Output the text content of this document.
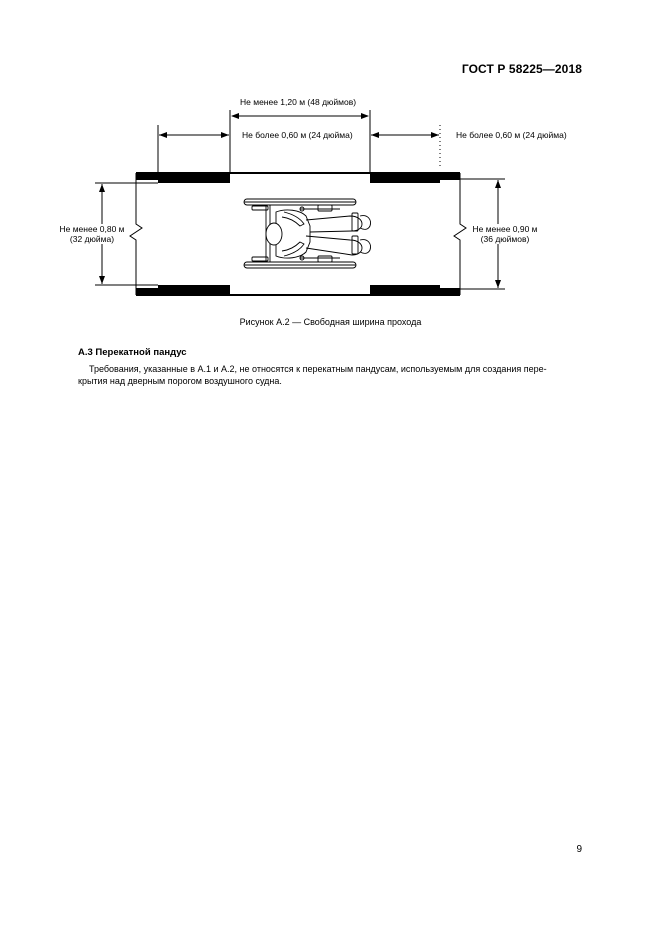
ГОСТ Р 58225—2018
Не менее 1,20 м (48 дюймов)
Не более 0,60 м (24 дюйма)	Не более 0,60 м (24 дюйма)
Не менее 0,80 м
(32 дюйма)
Не менее 0,90 м
(36 дюймов)
Рисунок А.2 — Свободная ширина прохода
А.3 Перекатной пандус
Требования, указанные в А.1 и А.2, не относятся к перекатным пандусам, используемым для создания пере-
крытия над дверным порогом воздушного судна.
9
